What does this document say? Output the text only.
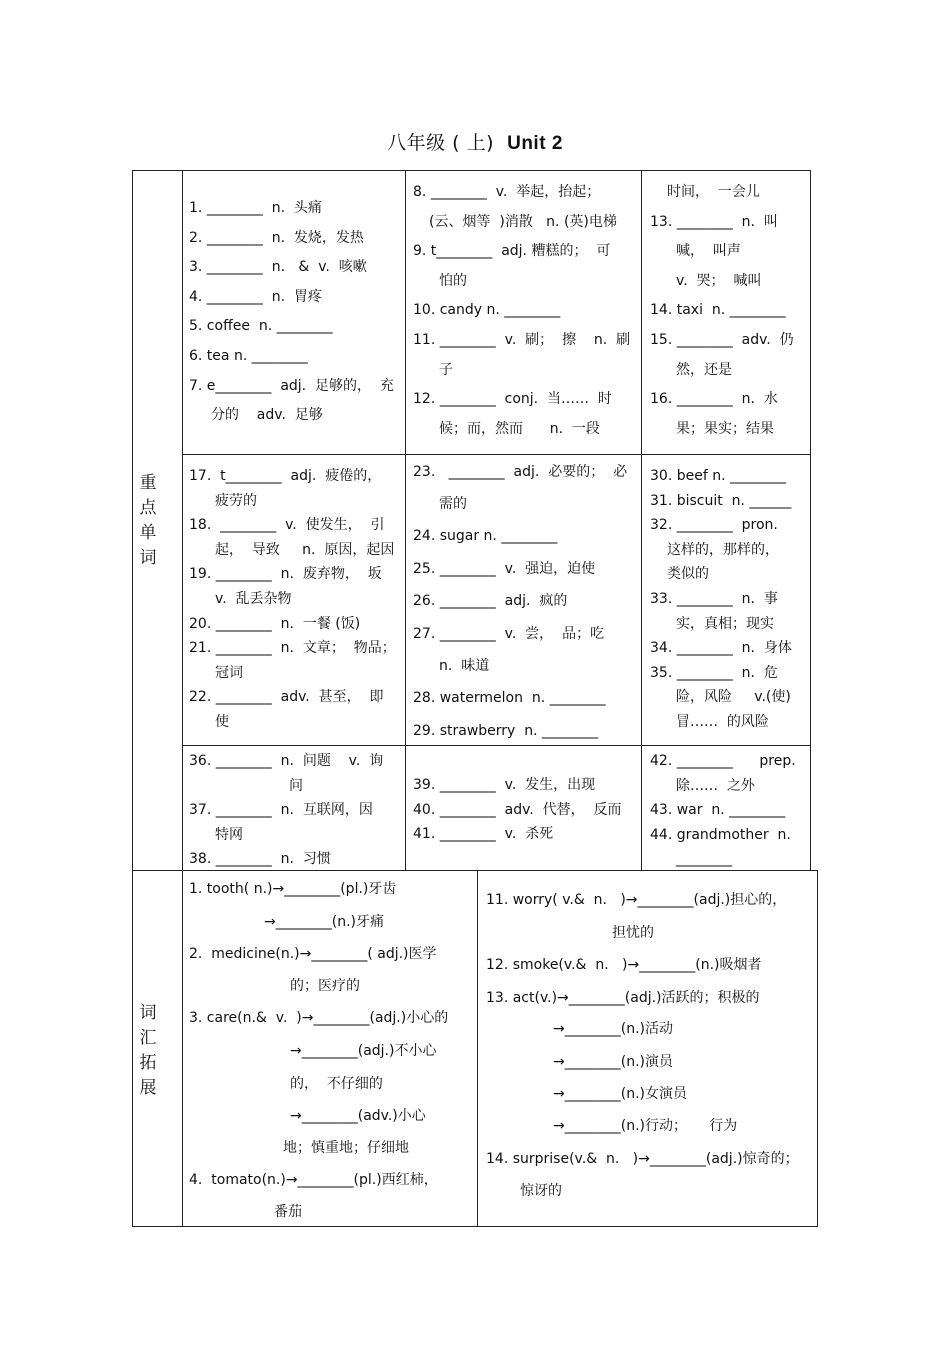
八年级 ( 上) Unit 2
重
点
单
词
1. ________  n.  头痛
2. ________  n.  发烧，发热
3. ________  n.   &  v.  咳嗽
4. ________  n.  胃疼
5. coffee  n. ________
6. tea n. ________
7. e________  adj.  足够的，  充
分的    adv.  足够
8. ________  v.  举起，抬起；
(云、烟等  )消散   n. (英)电梯
9. t________  adj. 糟糕的；  可
怕的
10. candy n. ________
11. ________  v.  刷；  擦    n.  刷
子
12. ________  conj.  当……  时
候；而，然而      n.  一段
时间，  一会儿
13. ________  n.  叫
喊，  叫声
v.  哭；  喊叫
14. taxi  n. ________
15. ________  adv.  仍
然，还是
16. ________  n.  水
果；果实；结果
17.  t________  adj.  疲倦的，
疲劳的
18.  ________  v.  使发生，  引
起，  导致     n.  原因，起因
19. ________  n.  废弃物，  坂
v.  乱丢杂物
20. ________  n.  一餐 (饭)
21. ________  n.  文章；  物品；
冠词
22. ________  adv.  甚至，  即
使
23.   ________  adj.  必要的；  必
需的
24. sugar n. ________
25. ________  v.  强迫，迫使
26. ________  adj.  疯的
27. ________  v.  尝，  品；吃
n.  味道
28. watermelon  n. ________
29. strawberry  n. ________
30. beef n. ________
31. biscuit  n. ______
32. ________  pron.
这样的，那样的，
类似的
33. ________  n.  事
实，真相；现实
34. ________  n.  身体
35. ________  n.  危
险，风险     v.(使)
冒……  的风险
36. ________  n.  问题    v.  询
问
37. ________  n.  互联网，因
特网
38. ________  n.  习惯
39. ________  v.  发生，出现
40. ________  adv.  代替，  反而
41. ________  v.  杀死
42. ________      prep.
除……  之外
43. war  n. ________
44. grandmother  n.
________
词
汇
拓
展
1. tooth( n.)→________(pl.)牙齿
→________(n.)牙痛
2.  medicine(n.)→________( adj.)医学
的；医疗的
3. care(n.&  v.  )→________(adj.)小心的
→________(adj.)不小心
的，  不仔细的
→________(adv.)小心
地；慎重地；仔细地
4.  tomato(n.)→________(pl.)西红柿，
番茄
11. worry( v.&  n.   )→________(adj.)担心的，
担忧的
12. smoke(v.&  n.   )→________(n.)吸烟者
13. act(v.)→________(adj.)活跃的；积极的
→________(n.)活动
→________(n.)演员
→________(n.)女演员
→________(n.)行动；     行为
14. surprise(v.&  n.   )→________(adj.)惊奇的；
惊讶的
